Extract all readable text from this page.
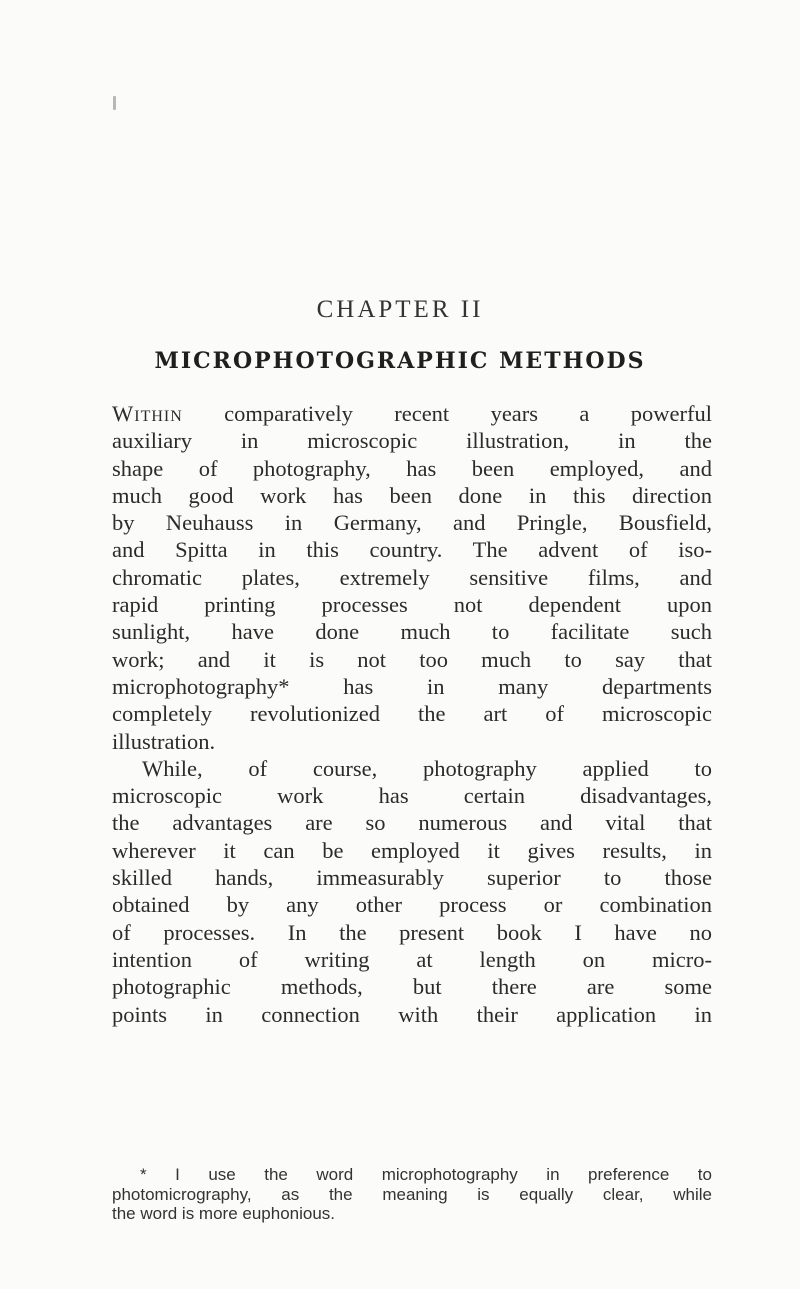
CHAPTER II
MICROPHOTOGRAPHIC METHODS
Within comparatively recent years a powerful
auxiliary in microscopic illustration, in the
shape of photography, has been employed, and
much good work has been done in this direction
by Neuhauss in Germany, and Pringle, Bousfield,
and Spitta in this country. The advent of iso-
chromatic plates, extremely sensitive films, and
rapid printing processes not dependent upon
sunlight, have done much to facilitate such
work; and it is not too much to say that
microphotography* has in many departments
completely revolutionized the art of microscopic
illustration.
While, of course, photography applied to
microscopic work has certain disadvantages,
the advantages are so numerous and vital that
wherever it can be employed it gives results, in
skilled hands, immeasurably superior to those
obtained by any other process or combination
of processes. In the present book I have no
intention of writing at length on micro-
photographic methods, but there are some
points in connection with their application in
* I use the word microphotography in preference to
photomicrography, as the meaning is equally clear, while
the word is more euphonious.
